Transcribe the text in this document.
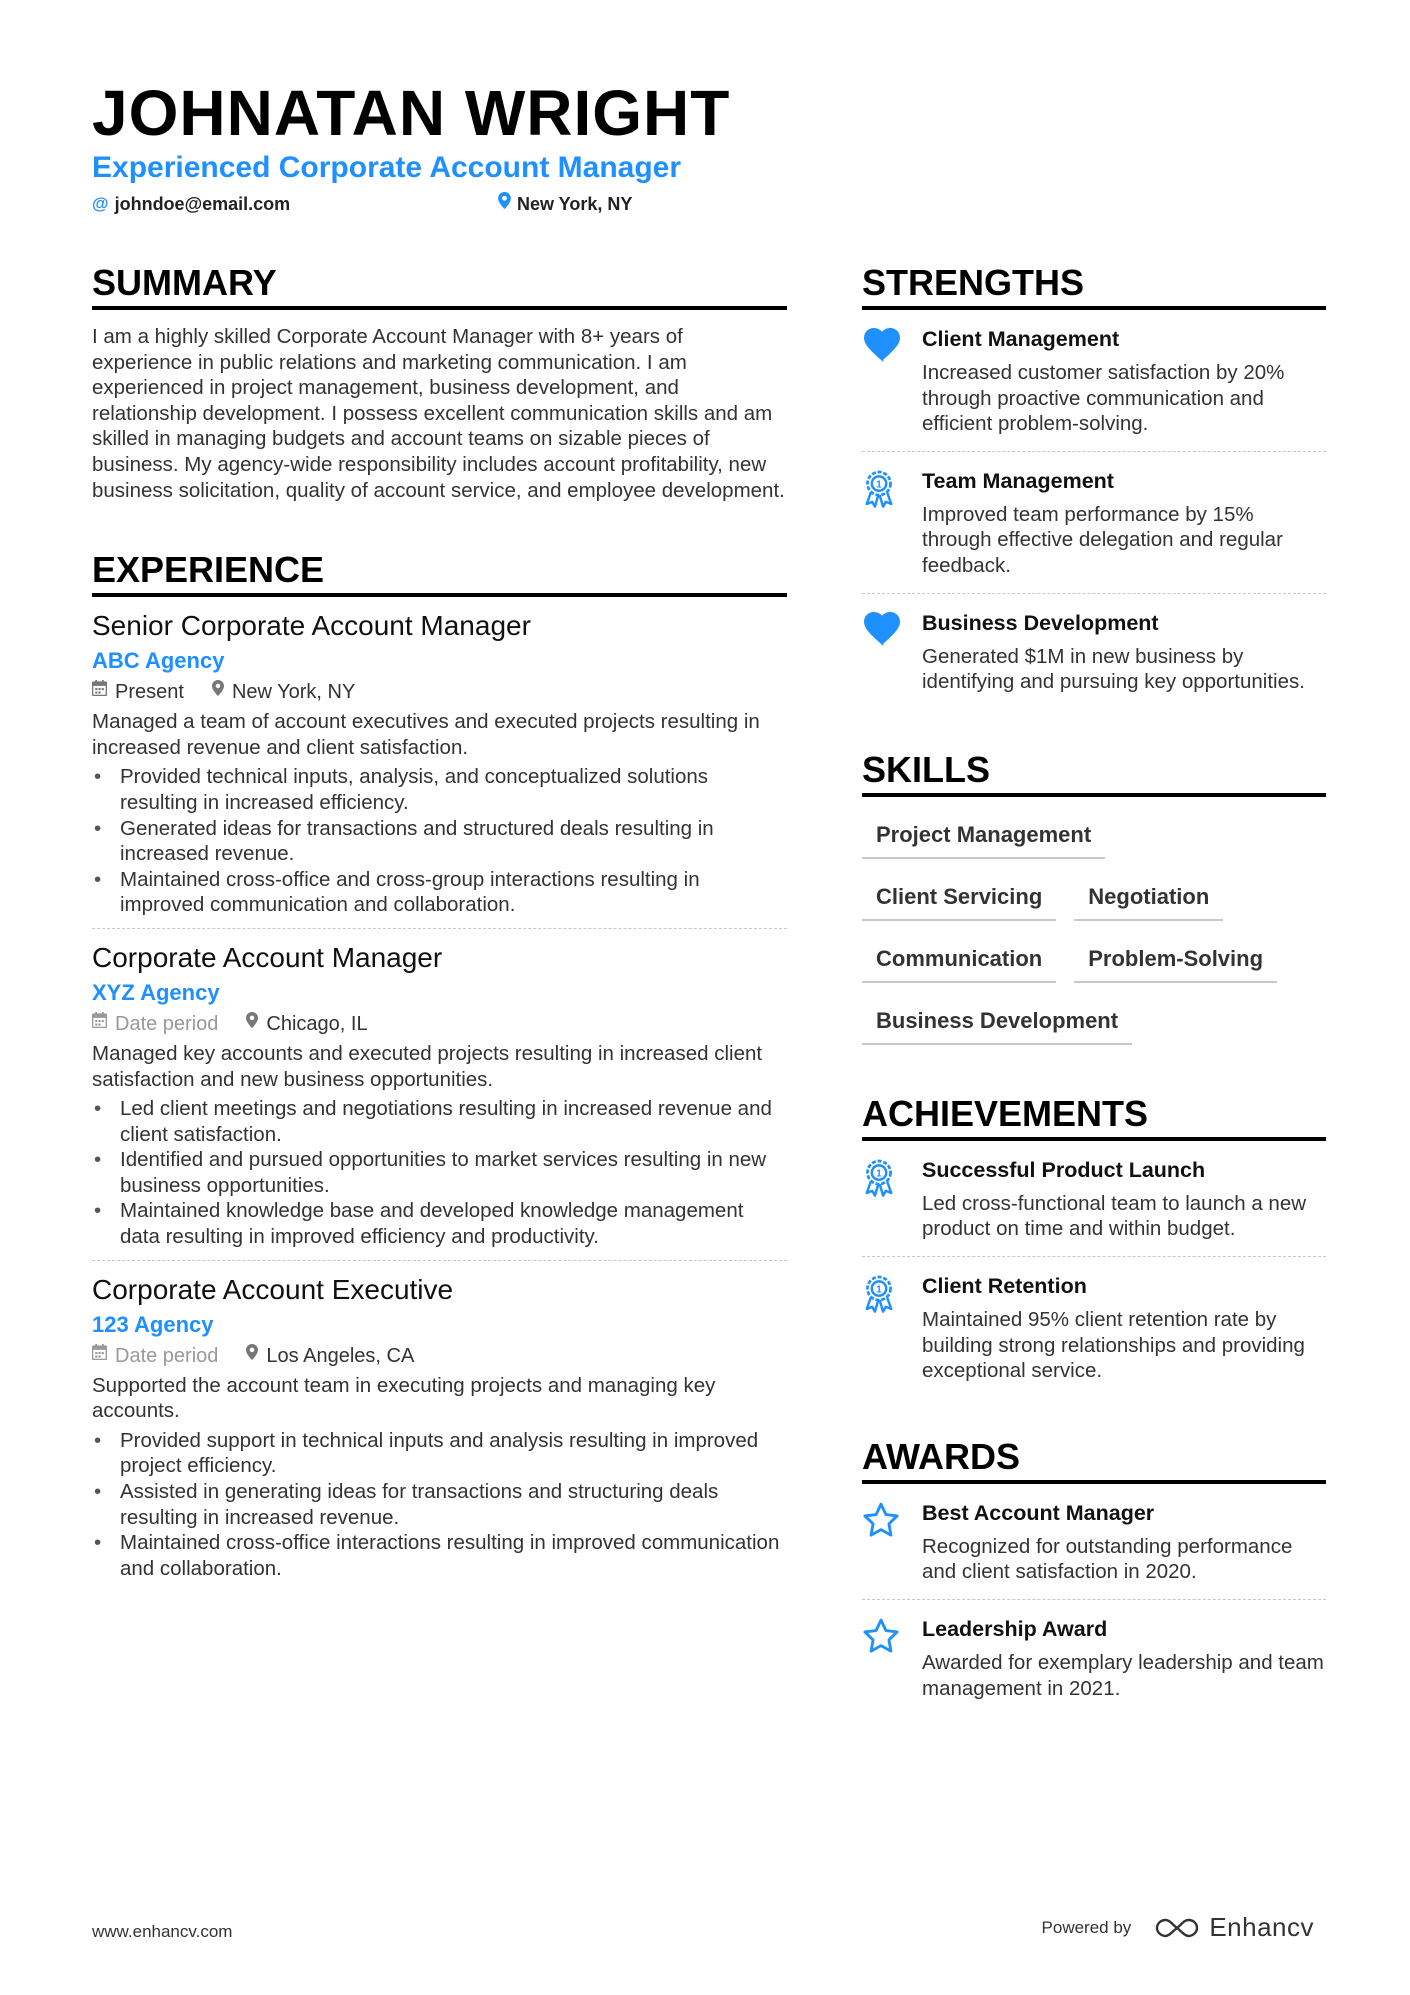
JOHNATAN WRIGHT
Experienced Corporate Account Manager
@ johndoe@email.com	New York, NY
SUMMARY
I am a highly skilled Corporate Account Manager with 8+ years of experience in public relations and marketing communication. I am experienced in project management, business development, and relationship development. I possess excellent communication skills and am skilled in managing budgets and account teams on sizable pieces of business. My agency-wide responsibility includes account profitability, new business solicitation, quality of account service, and employee development.
EXPERIENCE
Senior Corporate Account Manager
ABC Agency
Present New York, NY
Managed a team of account executives and executed projects resulting in increased revenue and client satisfaction.
• Provided technical inputs, analysis, and conceptualized solutions resulting in increased efficiency.
• Generated ideas for transactions and structured deals resulting in increased revenue.
• Maintained cross-office and cross-group interactions resulting in improved communication and collaboration.
Corporate Account Manager
XYZ Agency
Date period Chicago, IL
Managed key accounts and executed projects resulting in increased client satisfaction and new business opportunities.
• Led client meetings and negotiations resulting in increased revenue and client satisfaction.
• Identified and pursued opportunities to market services resulting in new business opportunities.
• Maintained knowledge base and developed knowledge management data resulting in improved efficiency and productivity.
Corporate Account Executive
123 Agency
Date period Los Angeles, CA
Supported the account team in executing projects and managing key accounts.
• Provided support in technical inputs and analysis resulting in improved project efficiency.
• Assisted in generating ideas for transactions and structuring deals resulting in increased revenue.
• Maintained cross-office interactions resulting in improved communication and collaboration.
STRENGTHS
Client Management
Increased customer satisfaction by 20% through proactive communication and efficient problem-solving.
1 Team Management
Improved team performance by 15% through effective delegation and regular feedback.
Business Development
Generated $1M in new business by identifying and pursuing key opportunities.
SKILLS
Project Management
Client Servicing	Negotiation
Communication	Problem-Solving
Business Development
ACHIEVEMENTS
1 Successful Product Launch
Led cross-functional team to launch a new product on time and within budget.
1 Client Retention
Maintained 95% client retention rate by building strong relationships and providing exceptional service.
AWARDS
Best Account Manager
Recognized for outstanding performance and client satisfaction in 2020.
Leadership Award
Awarded for exemplary leadership and team management in 2021.
www.enhancv.com	Powered by	Enhancv
